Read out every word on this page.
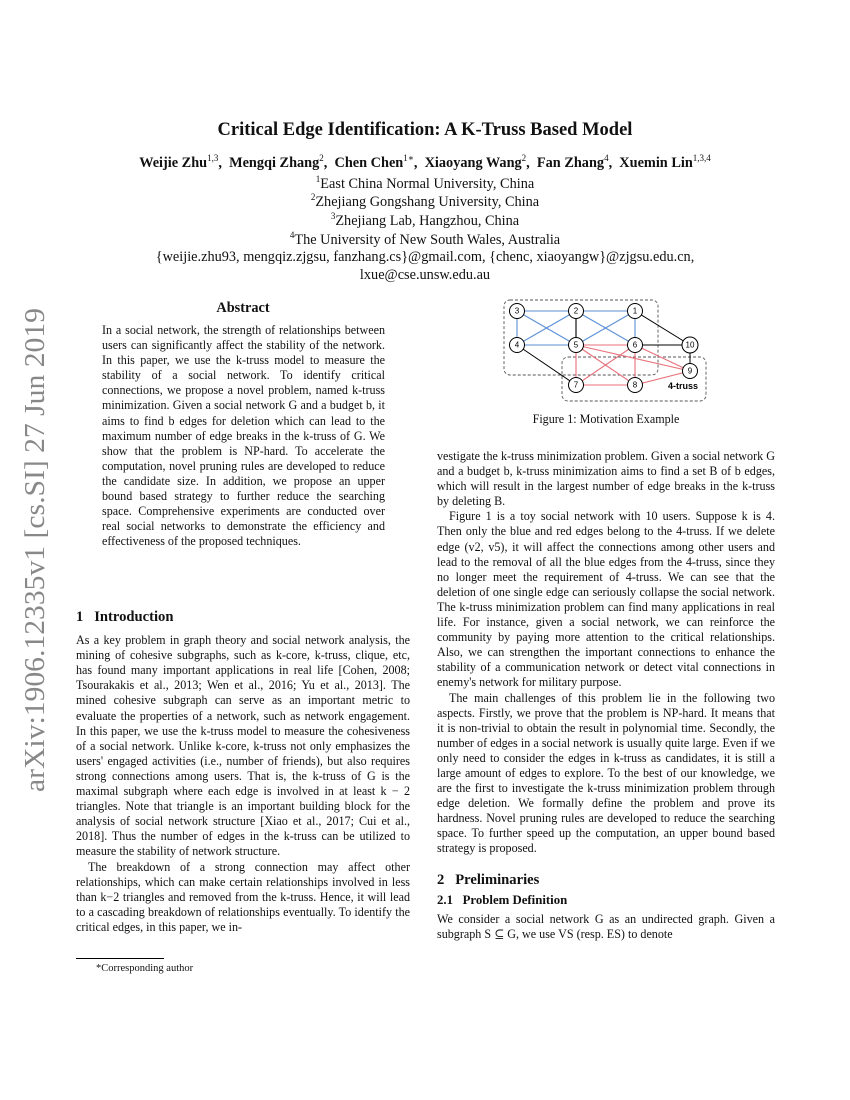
arXiv:1906.12335v1 [cs.SI] 27 Jun 2019
Critical Edge Identification: A K-Truss Based Model
Weijie Zhu$^{1,3}$,  Mengqi Zhang$^2$,  Chen Chen$^{1∗}$,  Xiaoyang Wang$^2$,  Fan Zhang$^4$,  Xuemin Lin$^{1,3,4}$
$^1$East China Normal University, China
$^2$Zhejiang Gongshang University, China
$^3$Zhejiang Lab, Hangzhou, China
$^4$The University of New South Wales, Australia
{weijie.zhu93, mengqiz.zjgsu, fanzhang.cs}@gmail.com, {chenc, xiaoyangw}@zjgsu.edu.cn,
lxue@cse.unsw.edu.au
Abstract

In a social network, the strength of relationships between users can significantly affect the stability of the network. In this paper, we use the k-truss model to measure the stability of a social network. To identify critical connections, we propose a novel problem, named k-truss minimization. Given a social network G and a budget b, it aims to find b edges for deletion which can lead to the maximum number of edge breaks in the k-truss of G. We show that the problem is NP-hard. To accelerate the computation, novel pruning rules are developed to reduce the candidate size. In addition, we propose an upper bound based strategy to further reduce the searching space. Comprehensive experiments are conducted over real social networks to demonstrate the efficiency and effectiveness of the proposed techniques.

1 Introduction

As a key problem in graph theory and social network analysis, the mining of cohesive subgraphs, such as k-core, k-truss, clique, etc, has found many important applications in real life [Cohen, 2008; Tsourakakis et al., 2013; Wen et al., 2016; Yu et al., 2013]. The mined cohesive subgraph can serve as an important metric to evaluate the properties of a network, such as network engagement. In this paper, we use the k-truss model to measure the cohesiveness of a social network. Unlike k-core, k-truss not only emphasizes the users' engaged activities (i.e., number of friends), but also requires strong connections among users. That is, the k-truss of G is the maximal subgraph where each edge is involved in at least k − 2 triangles. Note that triangle is an important building block for the analysis of social network structure [Xiao et al., 2017; Cui et al., 2018]. Thus the number of edges in the k-truss can be utilized to measure the stability of network structure.

The breakdown of a strong connection may affect other relationships, which can make certain relationships involved in less than k−2 triangles and removed from the k-truss. Hence, it will lead to a cascading breakdown of relationships eventually. To identify the critical edges, in this paper, we in-

*Corresponding author
3	2	1
4	5	6	10
9
7	8	4-truss
Figure 1: Motivation Example

vestigate the k-truss minimization problem. Given a social network G and a budget b, k-truss minimization aims to find a set B of b edges, which will result in the largest number of edge breaks in the k-truss by deleting B.

Figure 1 is a toy social network with 10 users. Suppose k is 4. Then only the blue and red edges belong to the 4-truss. If we delete edge (v2, v5), it will affect the connections among other users and lead to the removal of all the blue edges from the 4-truss, since they no longer meet the requirement of 4-truss. We can see that the deletion of one single edge can seriously collapse the social network. The k-truss minimization problem can find many applications in real life. For instance, given a social network, we can reinforce the community by paying more attention to the critical relationships. Also, we can strengthen the important connections to enhance the stability of a communication network or detect vital connections in enemy's network for military purpose.

The main challenges of this problem lie in the following two aspects. Firstly, we prove that the problem is NP-hard. It means that it is non-trivial to obtain the result in polynomial time. Secondly, the number of edges in a social network is usually quite large. Even if we only need to consider the edges in k-truss as candidates, it is still a large amount of edges to explore. To the best of our knowledge, we are the first to investigate the k-truss minimization problem through edge deletion. We formally define the problem and prove its hardness. Novel pruning rules are developed to reduce the searching space. To further speed up the computation, an upper bound based strategy is proposed.

2 Preliminaries
2.1 Problem Definition

We consider a social network G as an undirected graph. Given a subgraph S ⊆ G, we use VS (resp. ES) to denote
